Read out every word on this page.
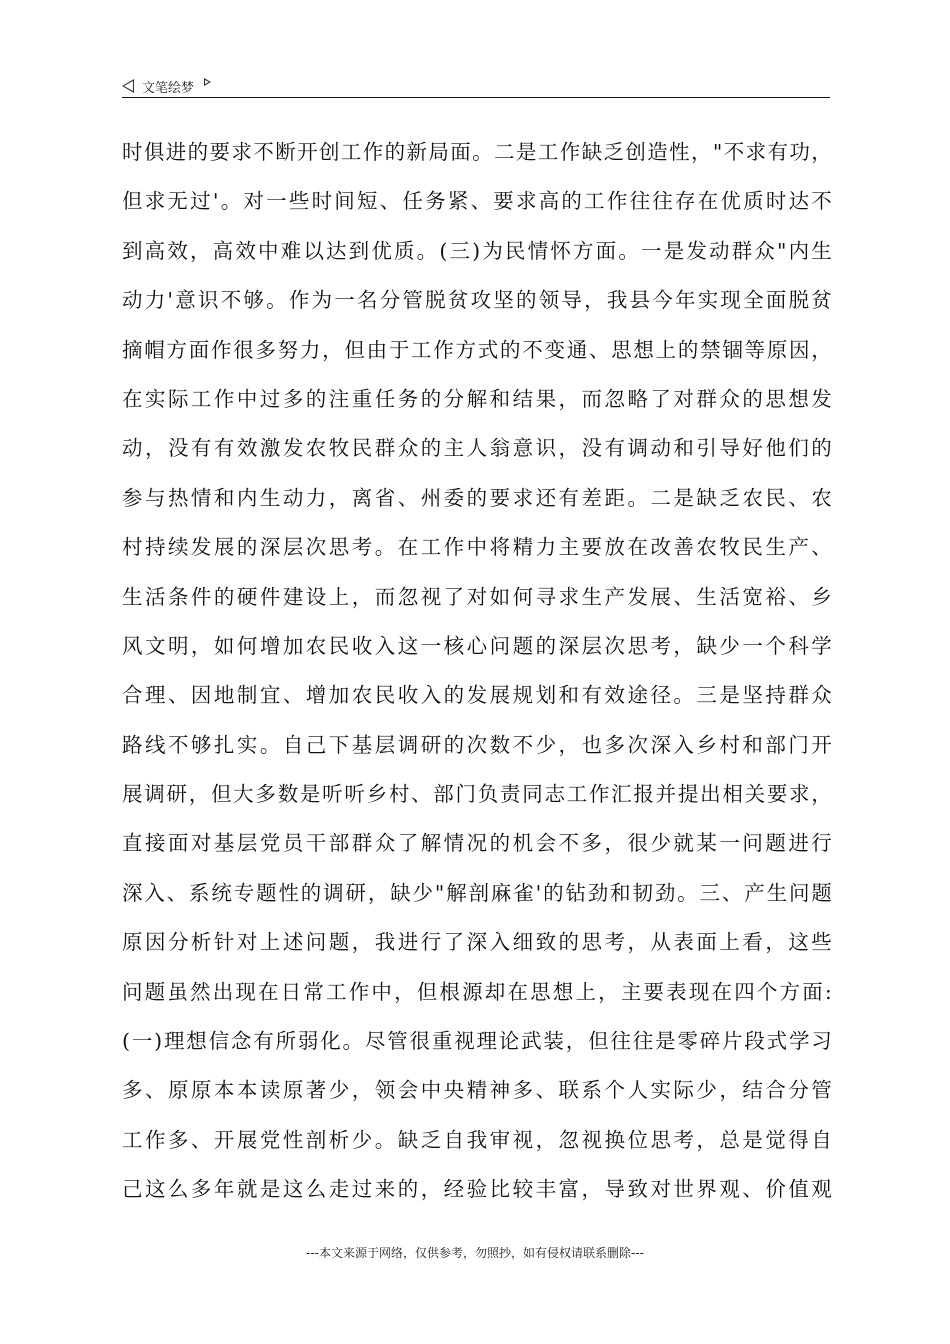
文笔绘梦
时俱进的要求不断开创工作的新局面。二是工作缺乏创造性，"不求有功，
但求无过'。对一些时间短、任务紧、要求高的工作往往存在优质时达不
到高效，高效中难以达到优质。(三)为民情怀方面。一是发动群众"内生
动力'意识不够。作为一名分管脱贫攻坚的领导，我县今年实现全面脱贫
摘帽方面作很多努力，但由于工作方式的不变通、思想上的禁锢等原因，
在实际工作中过多的注重任务的分解和结果，而忽略了对群众的思想发
动，没有有效激发农牧民群众的主人翁意识，没有调动和引导好他们的
参与热情和内生动力，离省、州委的要求还有差距。二是缺乏农民、农
村持续发展的深层次思考。在工作中将精力主要放在改善农牧民生产、
生活条件的硬件建设上，而忽视了对如何寻求生产发展、生活宽裕、乡
风文明，如何增加农民收入这一核心问题的深层次思考，缺少一个科学
合理、因地制宜、增加农民收入的发展规划和有效途径。三是坚持群众
路线不够扎实。自己下基层调研的次数不少，也多次深入乡村和部门开
展调研，但大多数是听听乡村、部门负责同志工作汇报并提出相关要求，
直接面对基层党员干部群众了解情况的机会不多，很少就某一问题进行
深入、系统专题性的调研，缺少"解剖麻雀'的钻劲和韧劲。三、产生问题
原因分析针对上述问题，我进行了深入细致的思考，从表面上看，这些
问题虽然出现在日常工作中，但根源却在思想上，主要表现在四个方面:
(一)理想信念有所弱化。尽管很重视理论武装，但往往是零碎片段式学习
多、原原本本读原著少，领会中央精神多、联系个人实际少，结合分管
工作多、开展党性剖析少。缺乏自我审视，忽视换位思考，总是觉得自
己这么多年就是这么走过来的，经验比较丰富，导致对世界观、价值观
---本文来源于网络，仅供参考，勿照抄，如有侵权请联系删除---
